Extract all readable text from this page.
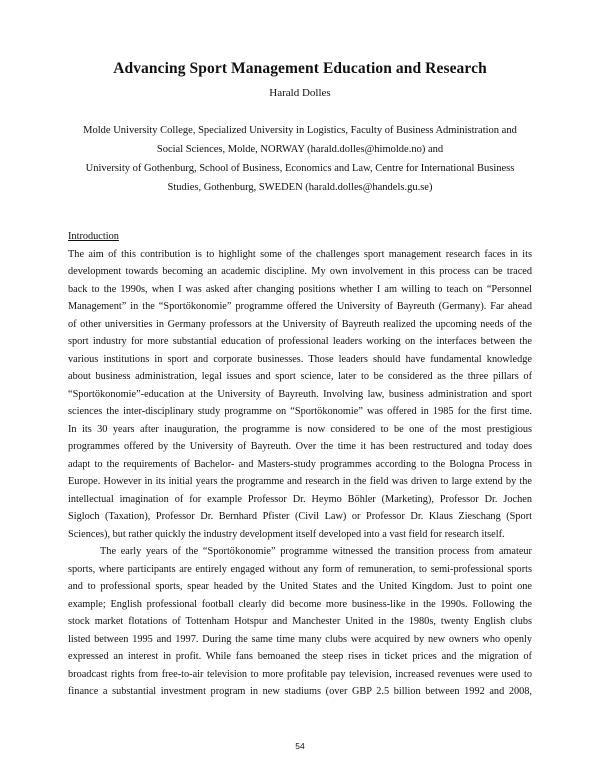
Advancing Sport Management Education and Research
Harald Dolles
Molde University College, Specialized University in Logistics, Faculty of Business Administration and
Social Sciences, Molde, NORWAY (harald.dolles@himolde.no) and
University of Gothenburg, School of Business, Economics and Law, Centre for International Business
Studies, Gothenburg, SWEDEN (harald.dolles@handels.gu.se)
Introduction
The aim of this contribution is to highlight some of the challenges sport management research faces in its
development towards becoming an academic discipline. My own involvement in this process can be traced
back to the 1990s, when I was asked after changing positions whether I am willing to teach on “Personnel
Management” in the “Sportökonomie” programme offered the University of Bayreuth (Germany). Far ahead
of other universities in Germany professors at the University of Bayreuth realized the upcoming needs of the
sport industry for more substantial education of professional leaders working on the interfaces between the
various institutions in sport and corporate businesses. Those leaders should have fundamental knowledge
about business administration, legal issues and sport science, later to be considered as the three pillars of
“Sportökonomie”-education at the University of Bayreuth. Involving law, business administration and sport
sciences the inter-disciplinary study programme on “Sportökonomie” was offered in 1985 for the first time.
In its 30 years after inauguration, the programme is now considered to be one of the most prestigious
programmes offered by the University of Bayreuth. Over the time it has been restructured and today does
adapt to the requirements of Bachelor- and Masters-study programmes according to the Bologna Process in
Europe. However in its initial years the programme and research in the field was driven to large extend by the
intellectual imagination of for example Professor Dr. Heymo Böhler (Marketing), Professor Dr. Jochen
Sigloch (Taxation), Professor Dr. Bernhard Pfister (Civil Law) or Professor Dr. Klaus Zieschang (Sport
Sciences), but rather quickly the industry development itself developed into a vast field for research itself.
The early years of the “Sportökonomie” programme witnessed the transition process from amateur
sports, where participants are entirely engaged without any form of remuneration, to semi-professional sports
and to professional sports, spear headed by the United States and the United Kingdom. Just to point one
example; English professional football clearly did become more business-like in the 1990s. Following the
stock market flotations of Tottenham Hotspur and Manchester United in the 1980s, twenty English clubs
listed between 1995 and 1997. During the same time many clubs were acquired by new owners who openly
expressed an interest in profit. While fans bemoaned the steep rises in ticket prices and the migration of
broadcast rights from free-to-air television to more profitable pay television, increased revenues were used to
finance a substantial investment program in new stadiums (over GBP 2.5 billion between 1992 and 2008,
54
